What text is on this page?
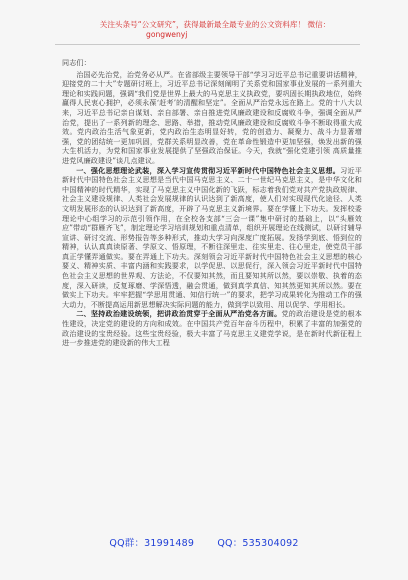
关注头条号“公文研究”，获得最新最全最专业的公文资料库！ 微信：
gongwenyj

同志们：

治国必先治党，治党务必从严。在省部级主要领导干部“学习习近平总书记重要讲话精神，迎接党的二十大”专题研讨班上，习近平总书记深刻阐明了关系党和国家事业发展的一系列重大理论和实践问题，强调“我们党是世界上最大的马克思主义执政党，要巩固长期执政地位，始终赢得人民衷心拥护，必须永葆‘赶考’的清醒和坚定”。全面从严治党永远在路上。党的十八大以来，习近平总书记亲自谋划、亲自部署、亲自推进党风廉政建设和反腐败斗争，强调全面从严治党，提出了一系列新的理念、思路、举措，推动党风廉政建设和反腐败斗争不断取得重大成效。党内政治生活气象更新，党内政治生态明显好转，党的创造力、凝聚力、战斗力显著增强，党的团结统一更加巩固，党群关系明显改善，党在革命性锻造中更加坚强，焕发出新的强大生机活力，为党和国家事业发展提供了坚强政治保证。今天，我就“强化党建引领 高质量推进党风廉政建设”谈几点建议。

一、强化思想理论武装，深入学习宣传贯彻习近平新时代中国特色社会主义思想。习近平新时代中国特色社会主义思想是当代中国马克思主义、二十一世纪马克思主义，是中华文化和中国精神的时代精华，实现了马克思主义中国化新的飞跃，标志着我们党对共产党执政规律、社会主义建设规律、人类社会发展规律的认识达到了新高度，使人们对实现现代化途径、人类文明发展形态的认识达到了新高度，开辟了马克思主义新境界。要在学懂上下功夫。发挥校委理论中心组学习的示范引领作用，在全校各支部“三会一课”集中研讨的基础上，以“头雁效应”带动“群雁齐飞”，制定理论学习培训规划和重点清单，组织开展理论在线测试，以研讨辅导宣讲、研讨交流、形势报告等多种形式，推动大学习向深度广度拓展。发扬学到底、悟到位的精神，认认真真读原著、学原文、悟原理，不断往深里走、往实里走、往心里走，使党员干部真正学懂弄通做实。要在弄通上下功夫。深刻领会习近平新时代中国特色社会主义思想的核心要义、精神实质、丰富内涵和实践要求，以学促思、以思促行，深入领会习近平新时代中国特色社会主义思想的世界观、方法论，不仅要知其然，而且要知其所以然，要以崇敬、执着的态度，深入研读，反复琢磨、学深悟透，融会贯通，做到真学真信、知其然更知其所以然。要在做实上下功夫。牢牢把握“学思用贯通、知信行统一”的要求，把学习成果转化为推动工作的强大动力，不断提高运用新思想解决实际问题的能力，做到学以致用、用以促学、学用相长。

二、坚持政治建设统领，把讲政治贯穿于全面从严治党各方面。党的政治建设是党的根本性建设，决定党的建设的方向和成效。在中国共产党百年奋斗历程中，积累了丰富的加强党的政治建设的宝贵经验。这些宝贵经验，极大丰富了马克思主义建党学说，是在新时代新征程上进一步推进党的建设新的伟大工程

QQ群：31991489 QQ：535304092
